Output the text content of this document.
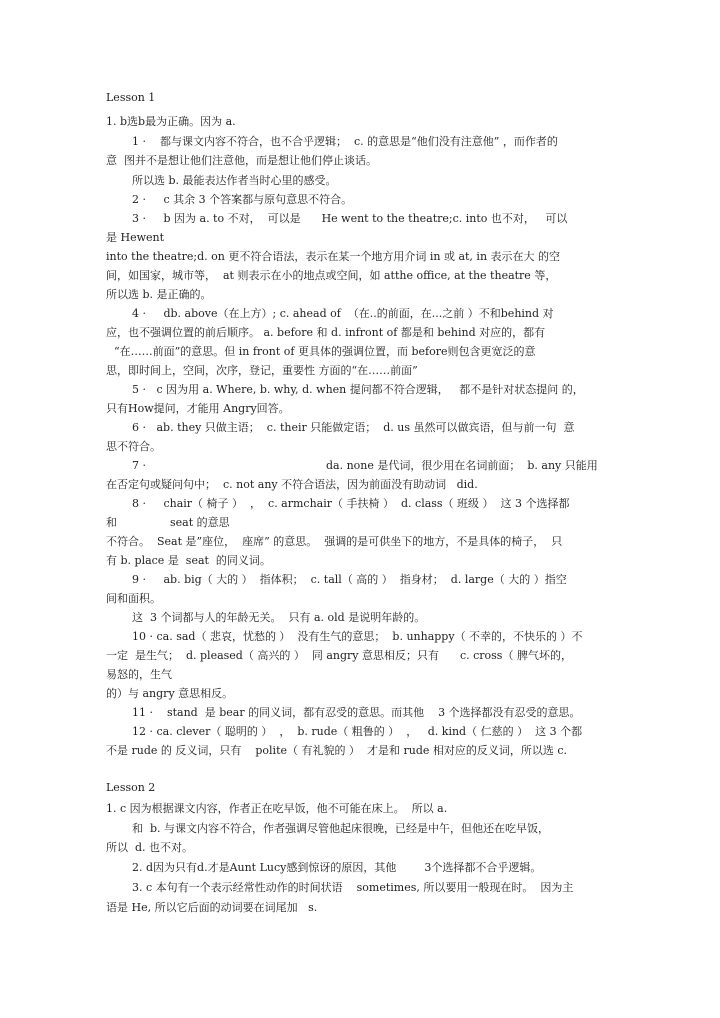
Lesson 1
1. b选b最为正确。因为 a.
1 ·    都与课文内容不符合，也不合乎逻辑；  c. 的意思是“他们没有注意他” ，而作者的
意  图并不是想让他们注意他，而是想让他们停止谈话。
所以选 b. 最能表达作者当时心里的感受。
2 ·     c 其余 3 个答案都与原句意思不符合。
3 ·     b 因为 a. to 不对，  可以是      He went to the theatre;c. into 也不对，   可以
是 Hewent
into the theatre;d. on 更不符合语法，表示在某一个地方用介词 in 或 at, in 表示在大 的空
间，如国家，城市等，  at 则表示在小的地点或空间，如 atthe office, at the theatre 等，
所以选 b. 是正确的。
4 ·     db. above（在上方）; c. ahead of  （在..的前面，在...之前 ）不和behind 对
应，也不强调位置的前后顺序。 a. before 和 d. infront of 都是和 behind 对应的，都有
“在……前面”的意思。但 in front of 更具体的强调位置，而 before则包含更宽泛的意
思，即时间上，空间，次序，登记，重要性 方面的“在……前面”
5 ·   c 因为用 a. Where, b. why, d. when 提问都不符合逻辑，   都不是针对状态提问 的，
只有How提问，才能用 Angry回答。
6 ·   ab. they 只做主语；  c. their 只能做定语；  d. us 虽然可以做宾语，但与前一句  意
思不符合。
7 ·	da. none 是代词，很少用在名词前面；  b. any 只能用
在否定句或疑问句中；  c. not any 不符合语法，因为前面没有助动词   did.
8 ·     chair（ 椅子 ）  ，  c. armchair（ 手扶椅 ）  d. class（ 班级 ）  这 3 个选择都
和	seat 的意思
不符合。  Seat 是”座位，  座席” 的意思。  强调的是可供坐下的地方，不是具体的椅子，  只
有 b. place 是  seat  的同义词。
9 ·     ab. big（ 大的 ）  指体积；  c. tall（ 高的 ）  指身材；  d. large（ 大的 ）指空
间和面积。
这  3 个词都与人的年龄无关。  只有 a. old 是说明年龄的。
10 · ca. sad（ 悲哀，忧愁的 ）  没有生气的意思；  b. unhappy（ 不幸的，不快乐的 ）不
一定  是生气；  d. pleased（ 高兴的 ）  同 angry 意思相反；只有      c. cross（ 脾气坏的，
易怒的，生气
的）与 angry 意思相反。
11 ·    stand  是 bear 的同义词，都有忍受的意思。而其他    3 个选择都没有忍受的意思。
12 · ca. clever（ 聪明的 ）  ，  b. rude（ 粗鲁的 ）  ，   d. kind（ 仁慈的 ）  这 3 个都
不是 rude 的 反义词，只有    polite（ 有礼貌的 ）  才是和 rude 相对应的反义词，所以选 c.
Lesson 2
1. c 因为根据课文内容，作者正在吃早饭，他不可能在床上。  所以 a.
和  b. 与课文内容不符合，作者强调尽管他起床很晚，已经是中午，但他还在吃早饭，
所以  d. 也不对。
2. d因为只有d.才是Aunt Lucy感到惊讶的原因，其他        3个选择都不合乎逻辑。
3. c 本句有一个表示经常性动作的时间状语    sometimes, 所以要用一般现在时。  因为主
语是 He, 所以它后面的动词要在词尾加   s.
